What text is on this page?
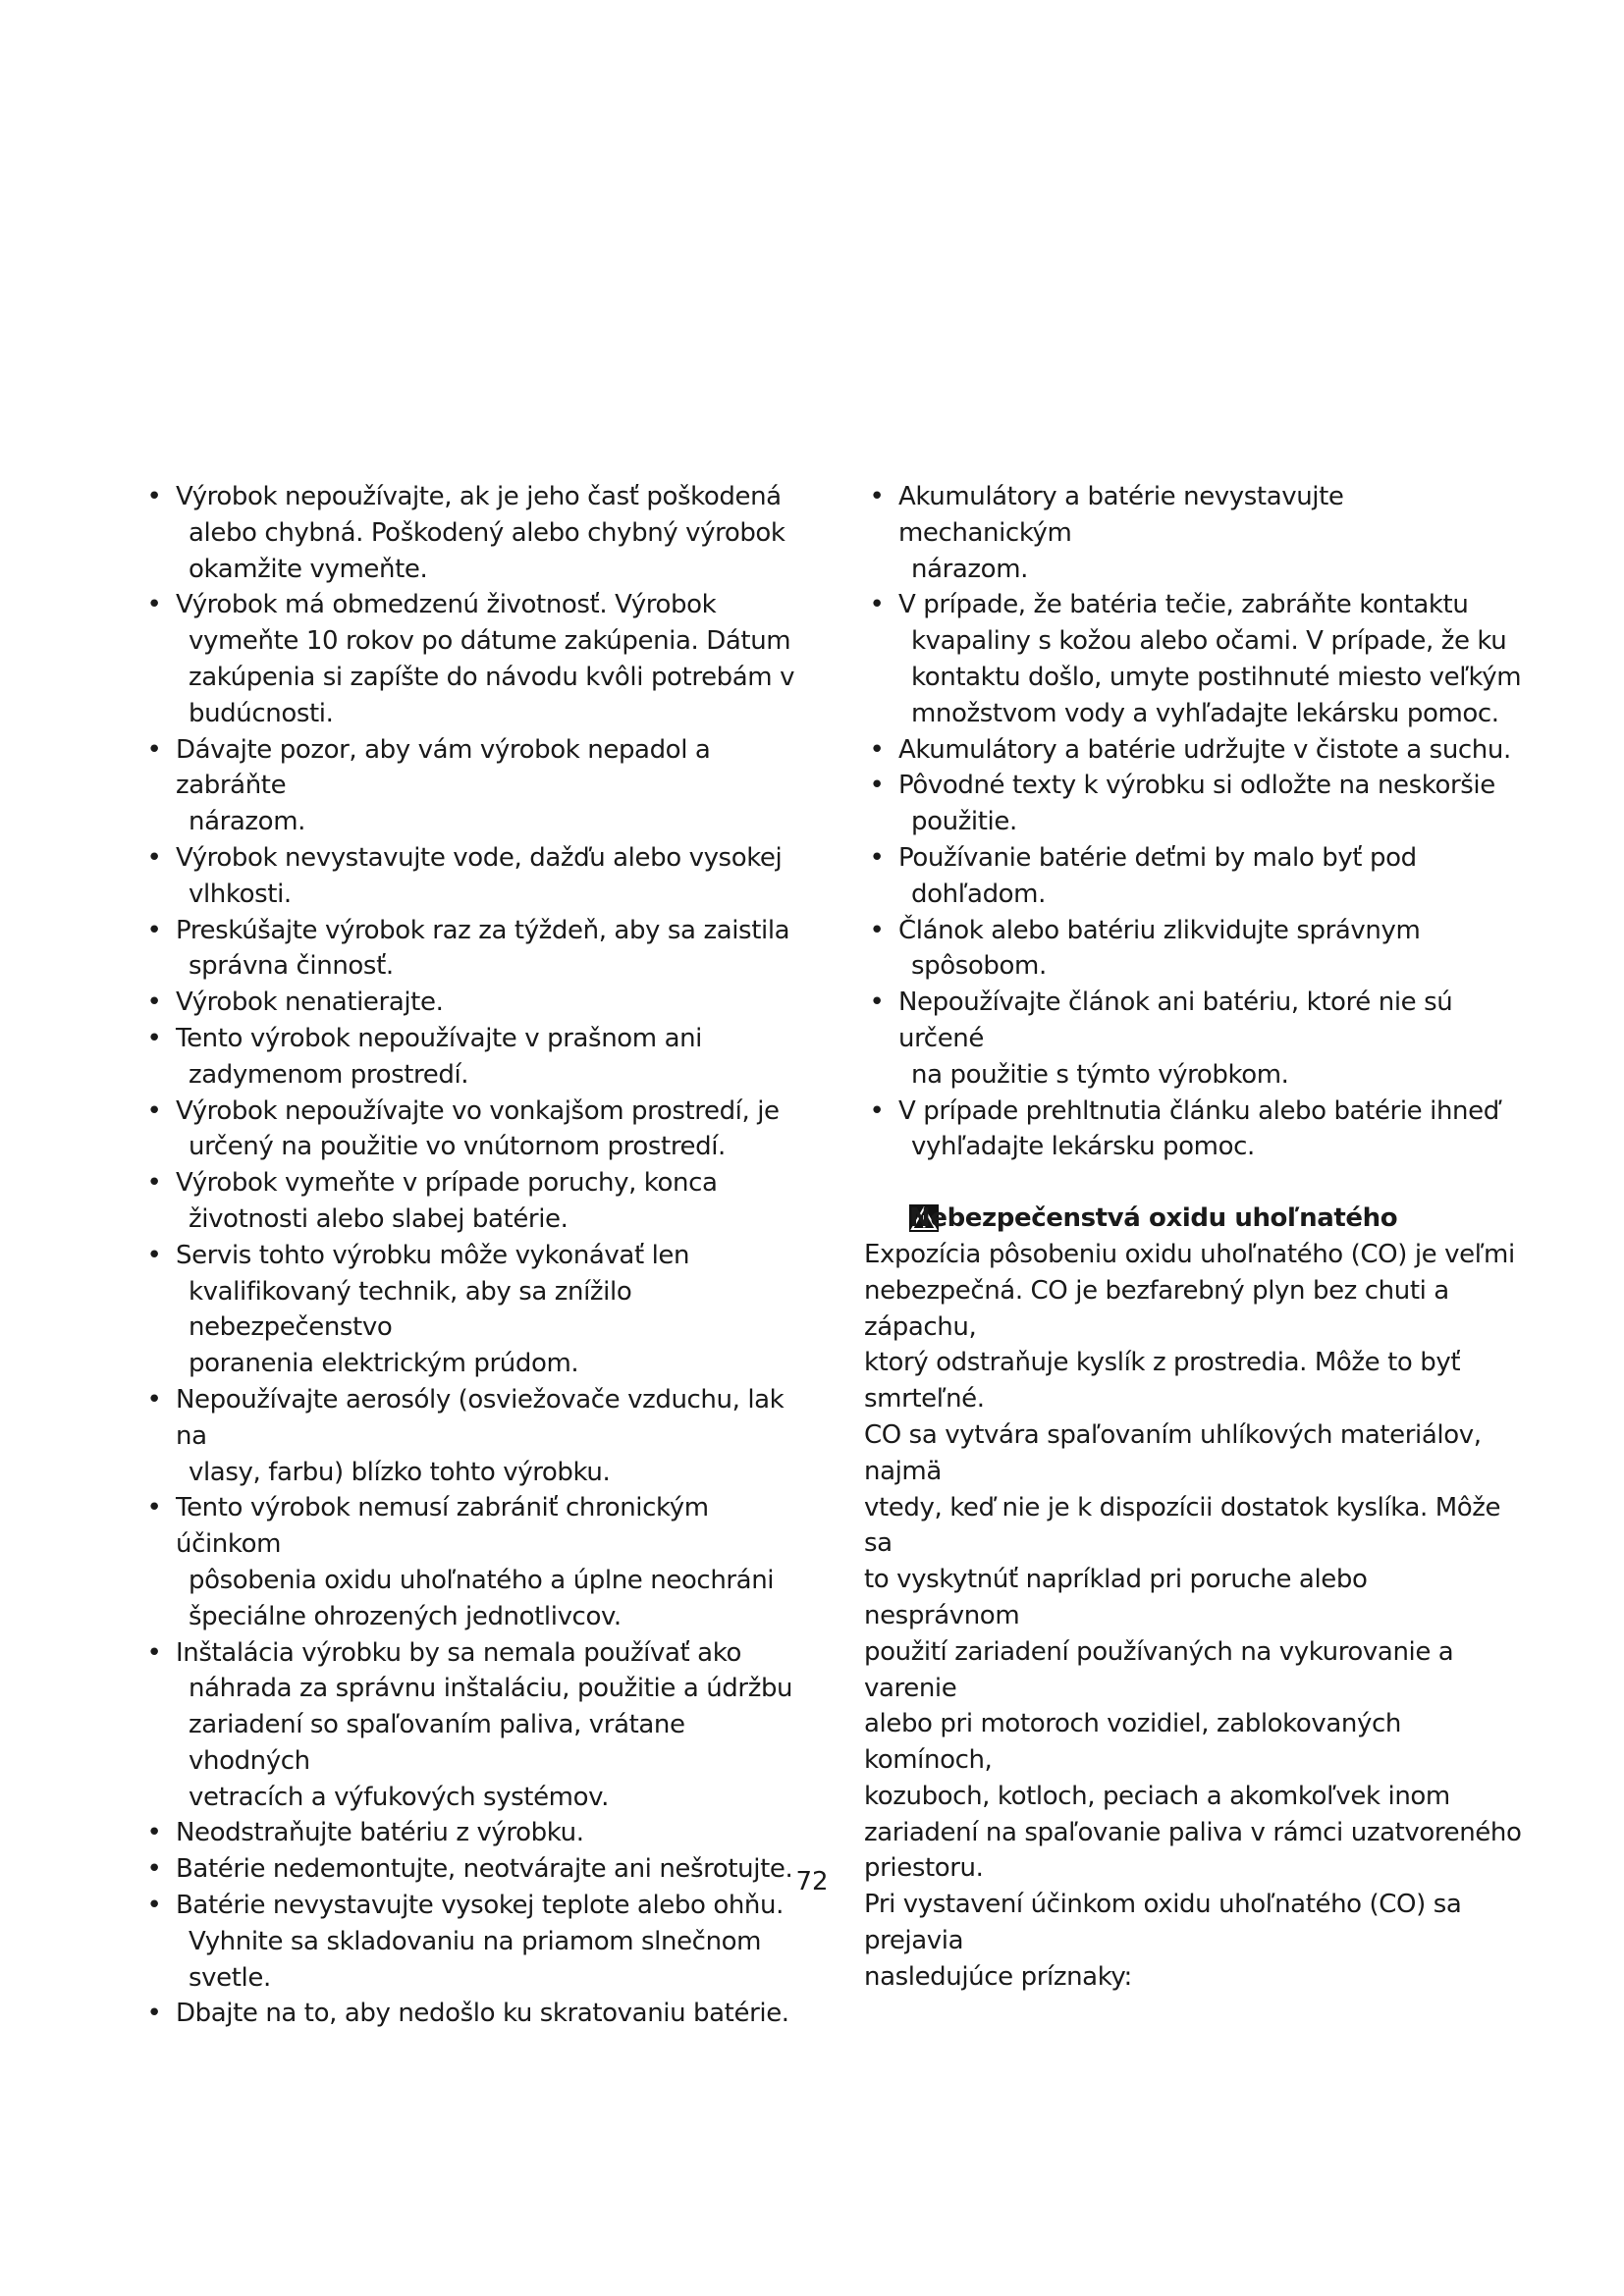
• Výrobok nepoužívajte, ak je jeho časť poškodená
alebo chybná. Poškodený alebo chybný výrobok
okamžite vymeňte.
• Výrobok má obmedzenú životnosť. Výrobok
vymeňte 10 rokov po dátume zakúpenia. Dátum
zakúpenia si zapíšte do návodu kvôli potrebám v
budúcnosti.
• Dávajte pozor, aby vám výrobok nepadol a zabráňte
nárazom.
• Výrobok nevystavujte vode, dažďu alebo vysokej
vlhkosti.
• Preskúšajte výrobok raz za týždeň, aby sa zaistila
správna činnosť.
• Výrobok nenatierajte.
• Tento výrobok nepoužívajte v prašnom ani
zadymenom prostredí.
• Výrobok nepoužívajte vo vonkajšom prostredí, je
určený na použitie vo vnútornom prostredí.
• Výrobok vymeňte v prípade poruchy, konca
životnosti alebo slabej batérie.
• Servis tohto výrobku môže vykonávať len
kvalifikovaný technik, aby sa znížilo nebezpečenstvo
poranenia elektrickým prúdom.
• Nepoužívajte aerosóly (osviežovače vzduchu, lak na
vlasy, farbu) blízko tohto výrobku.
• Tento výrobok nemusí zabrániť chronickým účinkom
pôsobenia oxidu uhoľnatého a úplne neochráni
špeciálne ohrozených jednotlivcov.
• Inštalácia výrobku by sa nemala používať ako
náhrada za správnu inštaláciu, použitie a údržbu
zariadení so spaľovaním paliva, vrátane vhodných
vetracích a výfukových systémov.
• Neodstraňujte batériu z výrobku.
• Batérie nedemontujte, neotvárajte ani nešrotujte.
• Batérie nevystavujte vysokej teplote alebo ohňu.
Vyhnite sa skladovaniu na priamom slnečnom svetle.
• Dbajte na to, aby nedošlo ku skratovaniu batérie.
• Akumulátory a batérie nevystavujte mechanickým
nárazom.
• V prípade, že batéria tečie, zabráňte kontaktu
kvapaliny s kožou alebo očami. V prípade, že ku
kontaktu došlo, umyte postihnuté miesto veľkým
množstvom vody a vyhľadajte lekársku pomoc.
• Akumulátory a batérie udržujte v čistote a suchu.
• Pôvodné texty k výrobku si odložte na neskoršie
použitie.
• Používanie batérie deťmi by malo byť pod
dohľadom.
• Článok alebo batériu zlikvidujte správnym
spôsobom.
• Nepoužívajte článok ani batériu, ktoré nie sú určené
na použitie s týmto výrobkom.
• V prípade prehltnutia článku alebo batérie ihneď
vyhľadajte lekársku pomoc.
Nebezpečenstvá oxidu uhoľnatého
Expozícia pôsobeniu oxidu uhoľnatého (CO) je veľmi
nebezpečná. CO je bezfarebný plyn bez chuti a zápachu,
ktorý odstraňuje kyslík z prostredia. Môže to byť
smrteľné.
CO sa vytvára spaľovaním uhlíkových materiálov, najmä
vtedy, keď nie je k dispozícii dostatok kyslíka. Môže sa
to vyskytnúť napríklad pri poruche alebo nesprávnom
použití zariadení používaných na vykurovanie a varenie
alebo pri motoroch vozidiel, zablokovaných komínoch,
kozuboch, kotloch, peciach a akomkoľvek inom
zariadení na spaľovanie paliva v rámci uzatvoreného
priestoru.
Pri vystavení účinkom oxidu uhoľnatého (CO) sa prejavia
nasledujúce príznaky:
72
